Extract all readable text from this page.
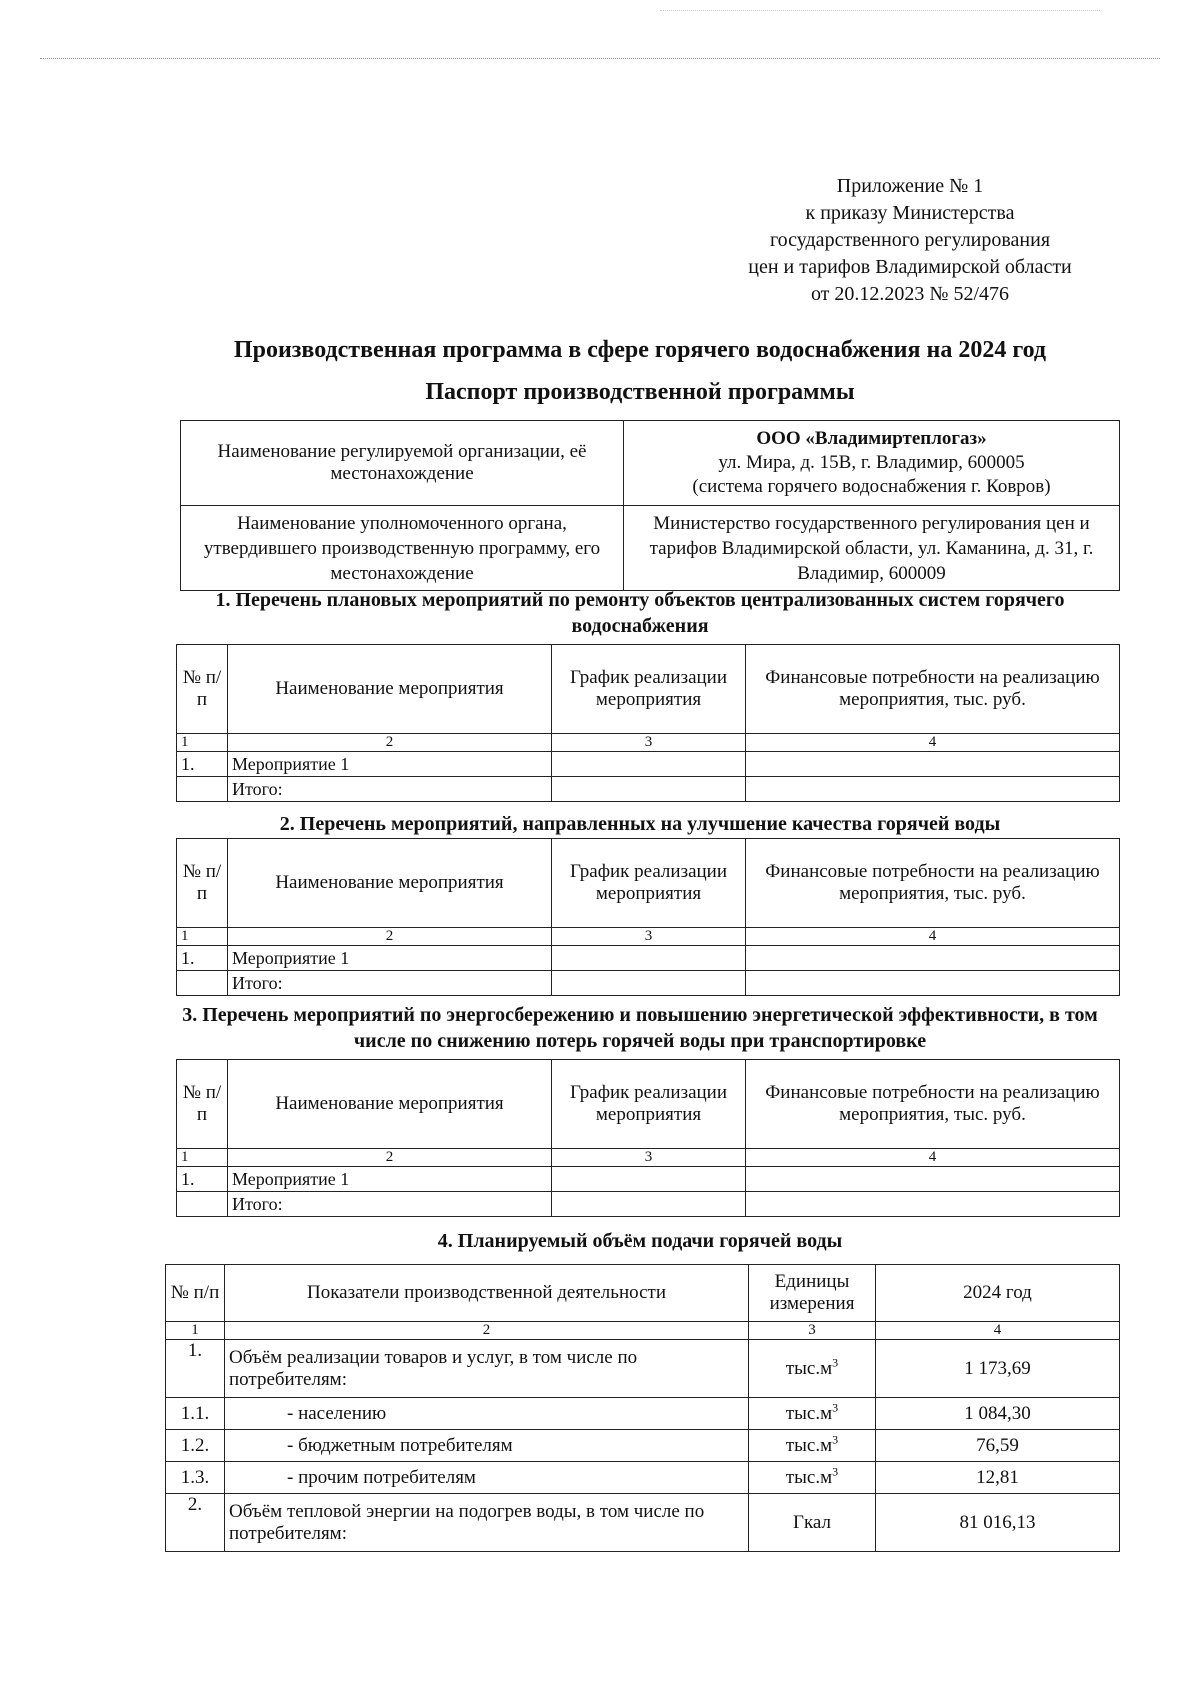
Приложение № 1
к приказу Министерства
государственного регулирования
цен и тарифов Владимирской области
от 20.12.2023 № 52/476
Производственная программа в сфере горячего водоснабжения на 2024 год
Паспорт производственной программы
Наименование регулируемой организации, её местонахождение	ООО «Владимиртеплогаз»
ул. Мира, д. 15В, г. Владимир, 600005
(система горячего водоснабжения г. Ковров)

Наименование уполномоченного органа, утвердившего производственную программу, его местонахождение	Министерство государственного регулирования цен и тарифов Владимирской области, ул. Каманина, д. 31, г. Владимир, 600009
1. Перечень плановых мероприятий по ремонту объектов централизованных систем горячего водоснабжения
№ п/п	Наименование мероприятия	График реализации мероприятия	Финансовые потребности на реализацию мероприятия, тыс. руб.
1	2	3	4
1.	Мероприятие 1		
	Итого:		
2. Перечень мероприятий, направленных на улучшение качества горячей воды
№ п/п	Наименование мероприятия	График реализации мероприятия	Финансовые потребности на реализацию мероприятия, тыс. руб.
1	2	3	4
1.	Мероприятие 1		
	Итого:		
3. Перечень мероприятий по энергосбережению и повышению энергетической эффективности, в том числе по снижению потерь горячей воды при транспортировке
№ п/п	Наименование мероприятия	График реализации мероприятия	Финансовые потребности на реализацию мероприятия, тыс. руб.
1	2	3	4
1.	Мероприятие 1		
	Итого:		
4. Планируемый объём подачи горячей воды
№ п/п	Показатели производственной деятельности	Единицы измерения	2024 год
1	2	3	4
1.	Объём реализации товаров и услуг, в том числе по потребителям:	$тыс.м^3$	1 173,69
1.1.	- населению	$тыс.м^3$	1 084,30
1.2.	- бюджетным потребителям	$тыс.м^3$	76,59
1.3.	- прочим потребителям	$тыс.м^3$	12,81
2.	Объём тепловой энергии на подогрев воды, в том числе по потребителям:	Гкал	81 016,13
